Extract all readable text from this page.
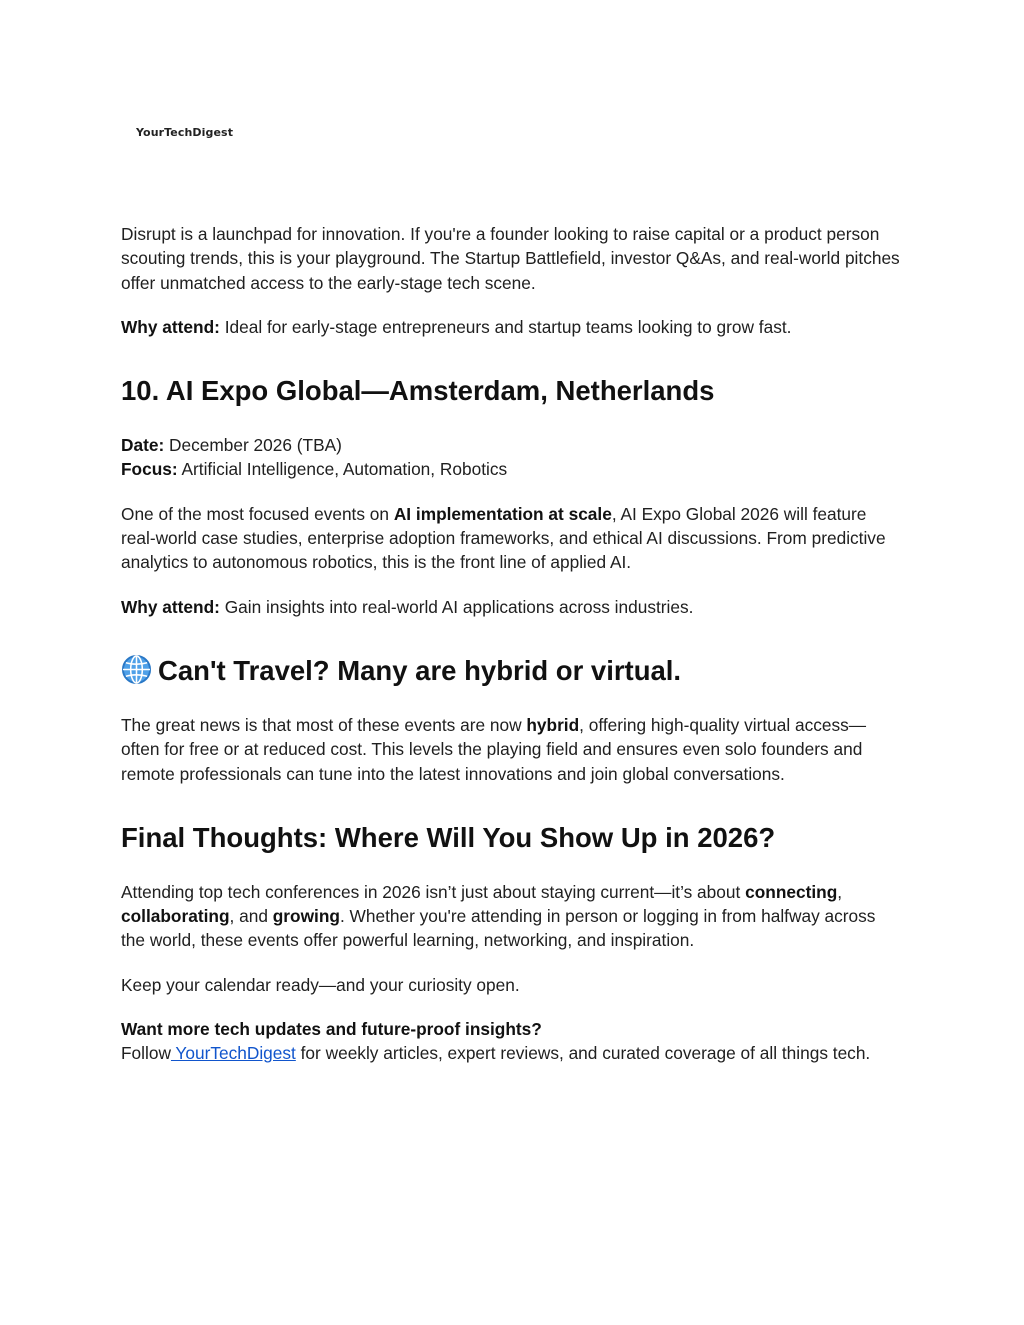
YourTechDigest

Disrupt is a launchpad for innovation. If you're a founder looking to raise capital or a product person scouting trends, this is your playground. The Startup Battlefield, investor Q&As, and real-world pitches offer unmatched access to the early-stage tech scene.

Why attend: Ideal for early-stage entrepreneurs and startup teams looking to grow fast.

10. AI Expo Global—Amsterdam, Netherlands

Date: December 2026 (TBA)
Focus: Artificial Intelligence, Automation, Robotics

One of the most focused events on AI implementation at scale, AI Expo Global 2026 will feature real-world case studies, enterprise adoption frameworks, and ethical AI discussions. From predictive analytics to autonomous robotics, this is the front line of applied AI.

Why attend: Gain insights into real-world AI applications across industries.

Can't Travel? Many are hybrid or virtual.

The great news is that most of these events are now hybrid, offering high-quality virtual access—often for free or at reduced cost. This levels the playing field and ensures even solo founders and remote professionals can tune into the latest innovations and join global conversations.

Final Thoughts: Where Will You Show Up in 2026?

Attending top tech conferences in 2026 isn’t just about staying current—it’s about connecting, collaborating, and growing. Whether you're attending in person or logging in from halfway across the world, these events offer powerful learning, networking, and inspiration.

Keep your calendar ready—and your curiosity open.

Want more tech updates and future-proof insights?
Follow YourTechDigest for weekly articles, expert reviews, and curated coverage of all things tech.
